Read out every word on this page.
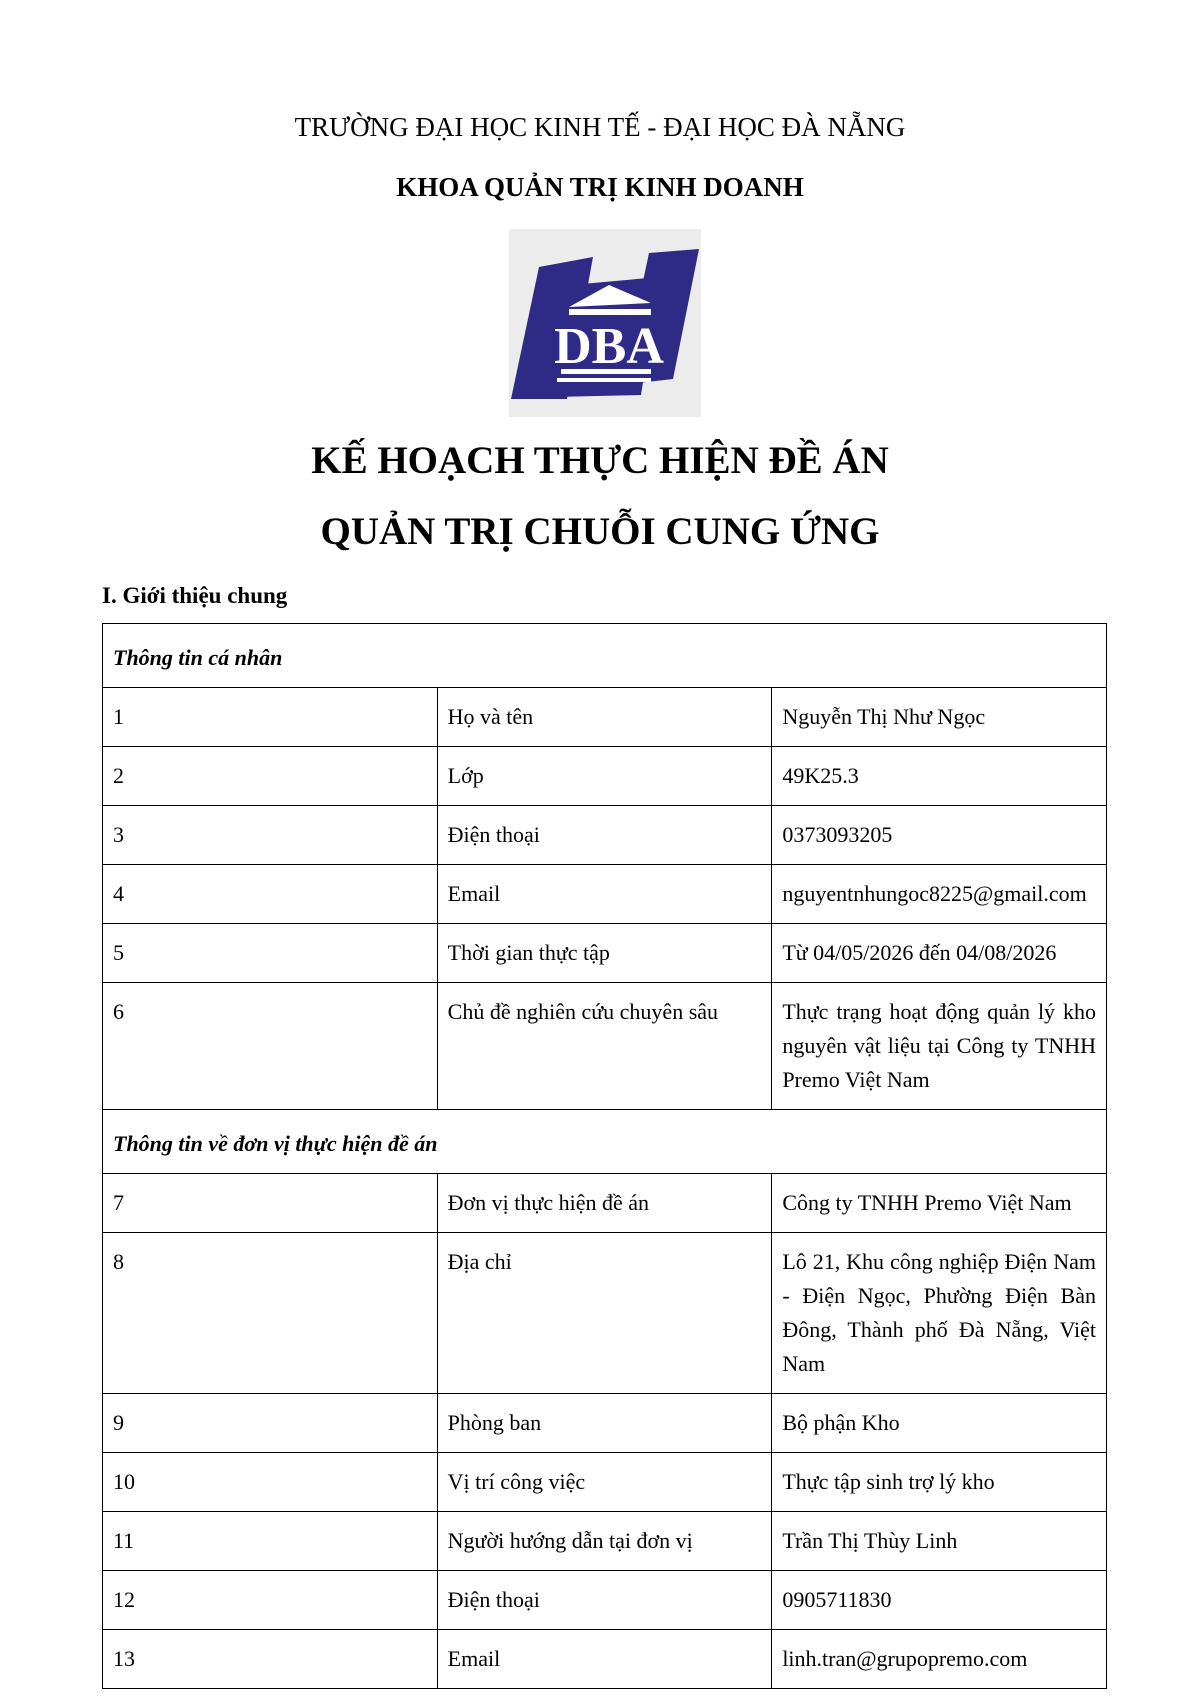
TRƯỜNG ĐẠI HỌC KINH TẾ - ĐẠI HỌC ĐÀ NẴNG
KHOA QUẢN TRỊ KINH DOANH
DBA
KẾ HOẠCH THỰC HIỆN ĐỀ ÁN
QUẢN TRỊ CHUỖI CUNG ỨNG
I. Giới thiệu chung
Thông tin cá nhân		
1	Họ và tên	Nguyễn Thị Như Ngọc
2	Lớp	49K25.3
3	Điện thoại	0373093205
4	Email	nguyentnhungoc8225@gmail.com
5	Thời gian thực tập	Từ 04/05/2026 đến 04/08/2026
6	Chủ đề nghiên cứu chuyên sâu	Thực trạng hoạt động quản lý kho nguyên vật liệu tại Công ty TNHH Premo Việt Nam
Thông tin về đơn vị thực hiện đề án		
7	Đơn vị thực hiện đề án	Công ty TNHH Premo Việt Nam
8	Địa chỉ	Lô 21, Khu công nghiệp Điện Nam - Điện Ngọc, Phường Điện Bàn Đông, Thành phố Đà Nẵng, Việt Nam
9	Phòng ban	Bộ phận Kho
10	Vị trí công việc	Thực tập sinh trợ lý kho
11	Người hướng dẫn tại đơn vị	Trần Thị Thùy Linh
12	Điện thoại	0905711830
13	Email	linh.tran@grupopremo.com
